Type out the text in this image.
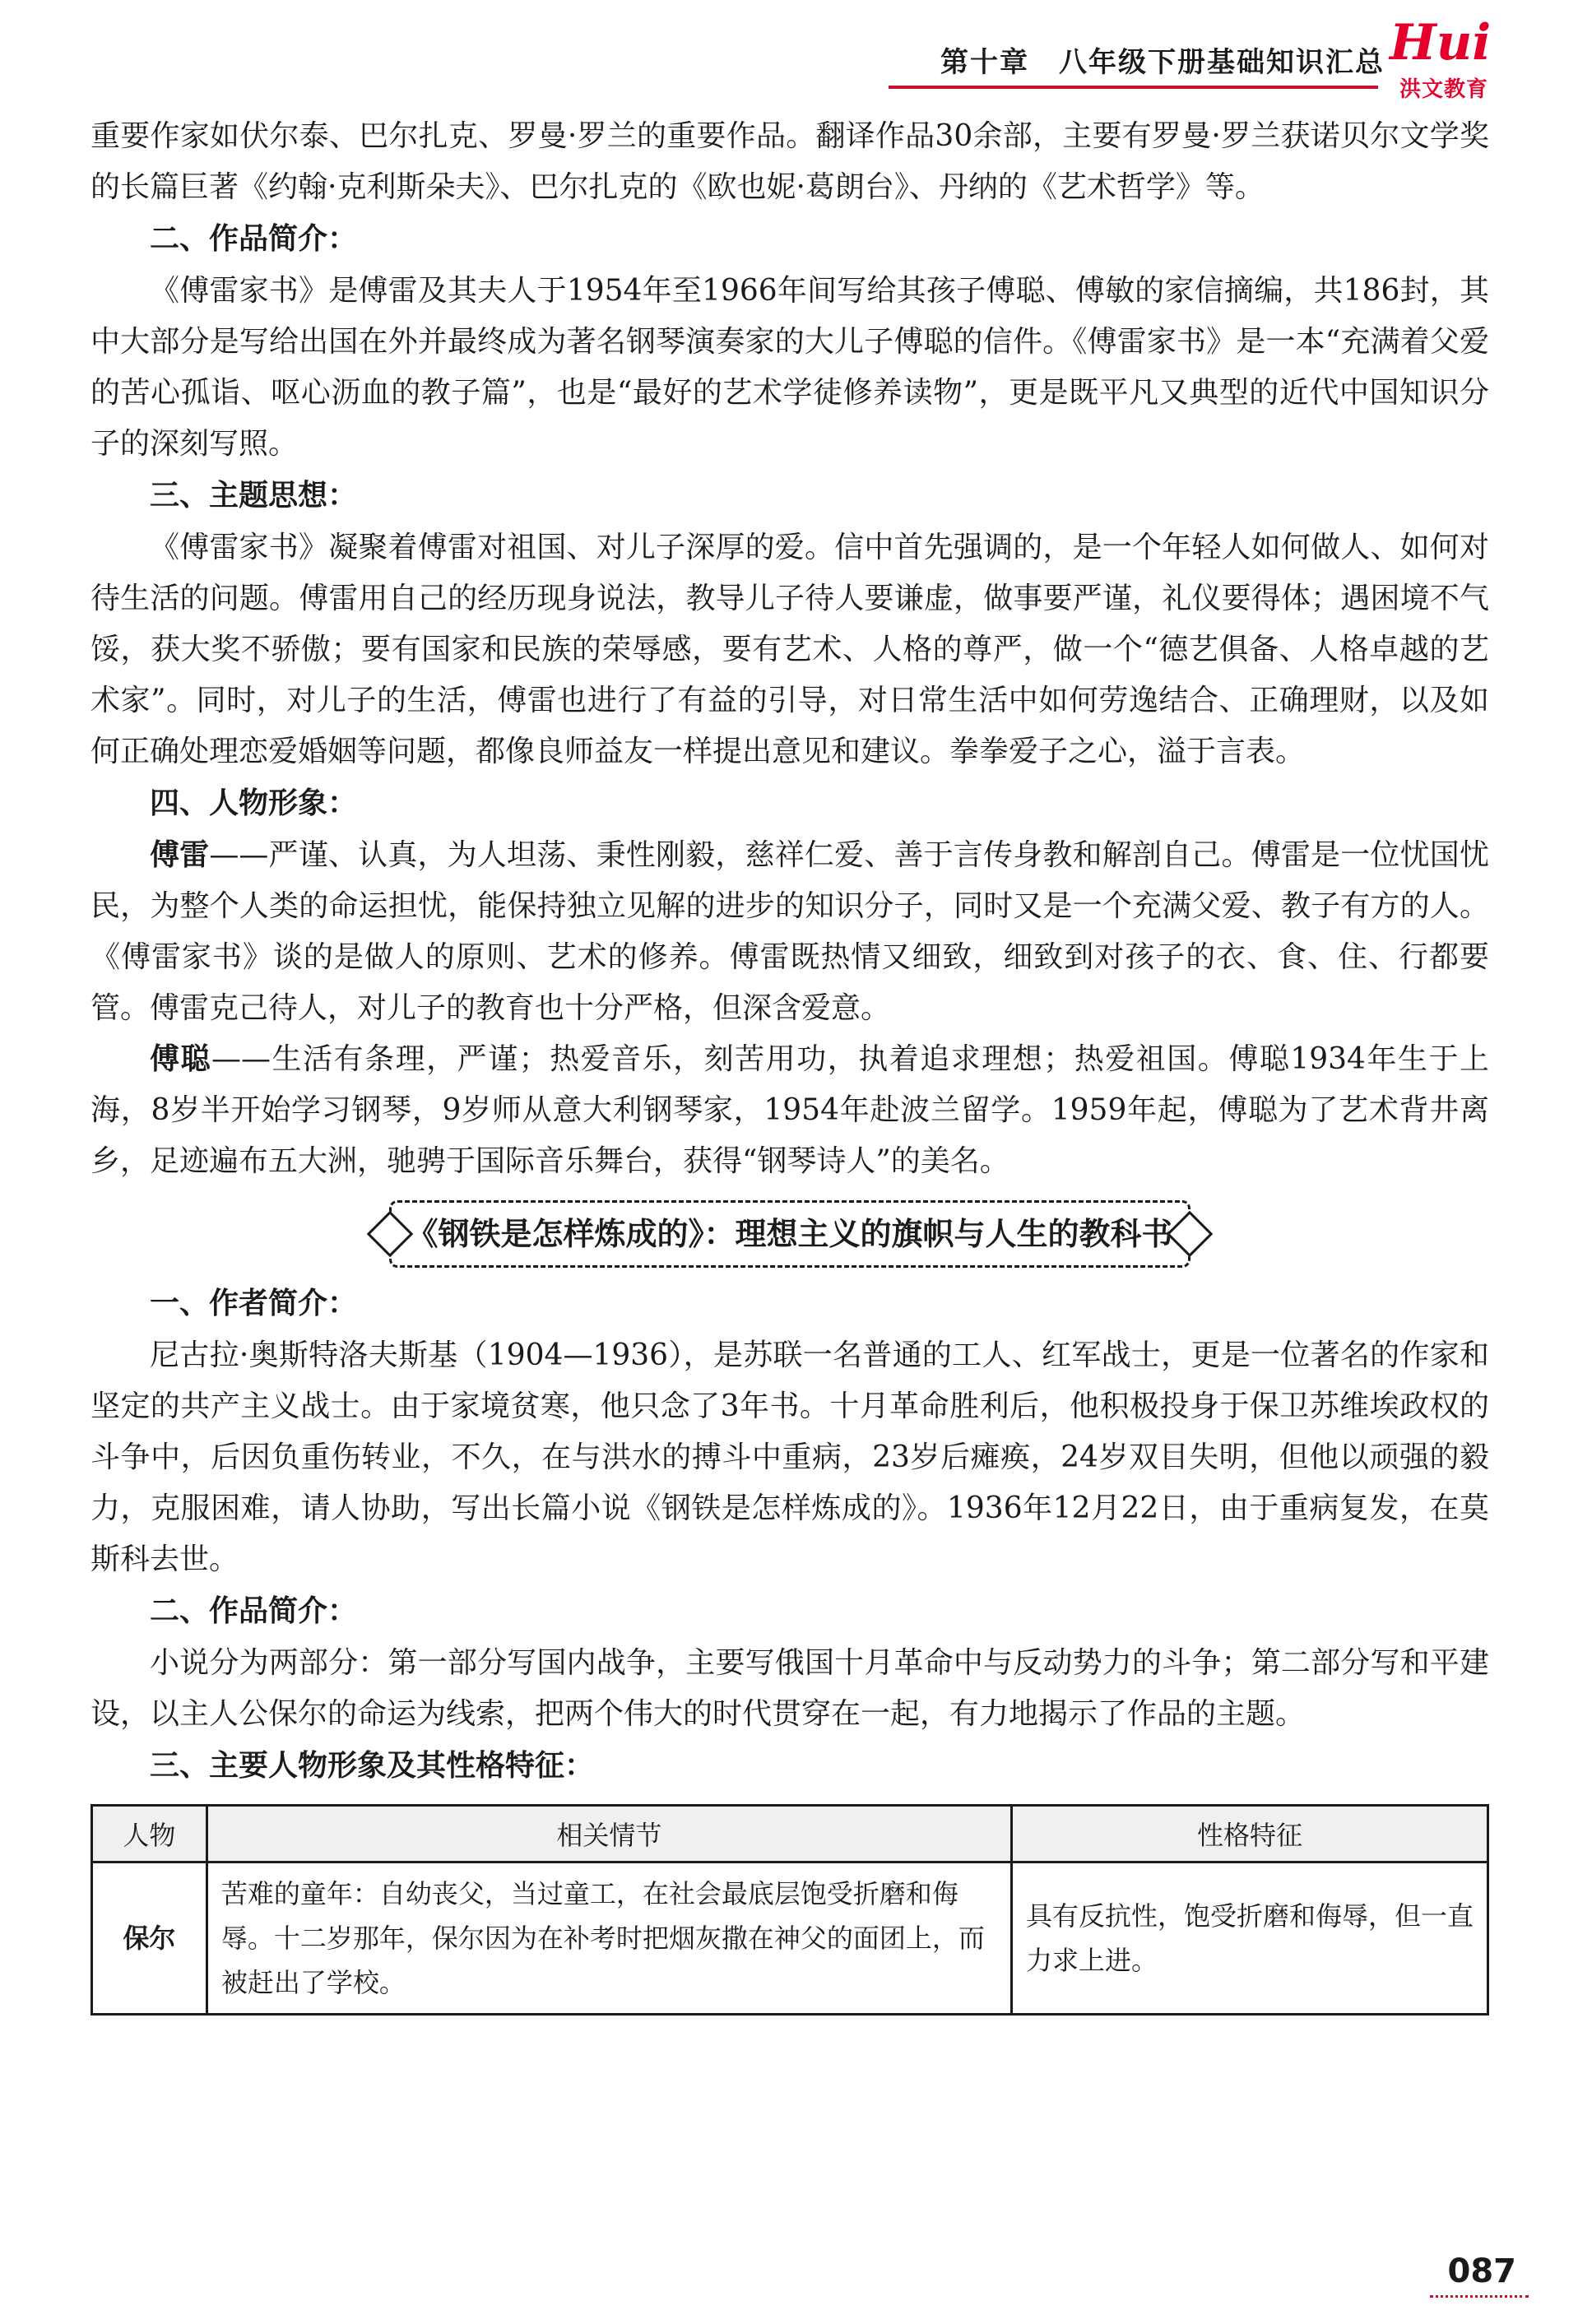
第十章　八年级下册基础知识汇总 Hui
洪文教育

重要作家如伏尔泰、巴尔扎克、罗曼·罗兰的重要作品。翻译作品30余部，主要有罗曼·罗兰获诺贝尔文学奖的长篇巨著《约翰·克利斯朵夫》、巴尔扎克的《欧也妮·葛朗台》、丹纳的《艺术哲学》等。

二、作品简介：

《傅雷家书》是傅雷及其夫人于1954年至1966年间写给其孩子傅聪、傅敏的家信摘编，共186封，其中大部分是写给出国在外并最终成为著名钢琴演奏家的大儿子傅聪的信件。《傅雷家书》是一本“充满着父爱的苦心孤诣、呕心沥血的教子篇”，也是“最好的艺术学徒修养读物”，更是既平凡又典型的近代中国知识分子的深刻写照。

三、主题思想：

《傅雷家书》凝聚着傅雷对祖国、对儿子深厚的爱。信中首先强调的，是一个年轻人如何做人、如何对待生活的问题。傅雷用自己的经历现身说法，教导儿子待人要谦虚，做事要严谨，礼仪要得体；遇困境不气馁，获大奖不骄傲；要有国家和民族的荣辱感，要有艺术、人格的尊严，做一个“德艺俱备、人格卓越的艺术家”。同时，对儿子的生活，傅雷也进行了有益的引导，对日常生活中如何劳逸结合、正确理财，以及如何正确处理恋爱婚姻等问题，都像良师益友一样提出意见和建议。拳拳爱子之心，溢于言表。

四、人物形象：

傅雷——严谨、认真，为人坦荡、秉性刚毅，慈祥仁爱、善于言传身教和解剖自己。傅雷是一位忧国忧民，为整个人类的命运担忧，能保持独立见解的进步的知识分子，同时又是一个充满父爱、教子有方的人。《傅雷家书》谈的是做人的原则、艺术的修养。傅雷既热情又细致，细致到对孩子的衣、食、住、行都要管。傅雷克己待人，对儿子的教育也十分严格，但深含爱意。

傅聪——生活有条理，严谨；热爱音乐，刻苦用功，执着追求理想；热爱祖国。傅聪1934年生于上海，8岁半开始学习钢琴，9岁师从意大利钢琴家，1954年赴波兰留学。1959年起，傅聪为了艺术背井离乡，足迹遍布五大洲，驰骋于国际音乐舞台，获得“钢琴诗人”的美名。

《钢铁是怎样炼成的》：理想主义的旗帜与人生的教科书
一、作者简介：

尼古拉·奥斯特洛夫斯基（1904—1936），是苏联一名普通的工人、红军战士，更是一位著名的作家和坚定的共产主义战士。由于家境贫寒，他只念了3年书。十月革命胜利后，他积极投身于保卫苏维埃政权的斗争中，后因负重伤转业，不久，在与洪水的搏斗中重病，23岁后瘫痪，24岁双目失明，但他以顽强的毅力，克服困难，请人协助，写出长篇小说《钢铁是怎样炼成的》。1936年12月22日，由于重病复发，在莫斯科去世。

二、作品简介：

小说分为两部分：第一部分写国内战争，主要写俄国十月革命中与反动势力的斗争；第二部分写和平建设，以主人公保尔的命运为线索，把两个伟大的时代贯穿在一起，有力地揭示了作品的主题。

三、主要人物形象及其性格特征：
人物	相关情节	性格特征
保尔	苦难的童年：自幼丧父，当过童工，在社会最底层饱受折磨和侮辱。十二岁那年，保尔因为在补考时把烟灰撒在神父的面团上，而被赶出了学校。	具有反抗性，饱受折磨和侮辱，但一直力求上进。
087
